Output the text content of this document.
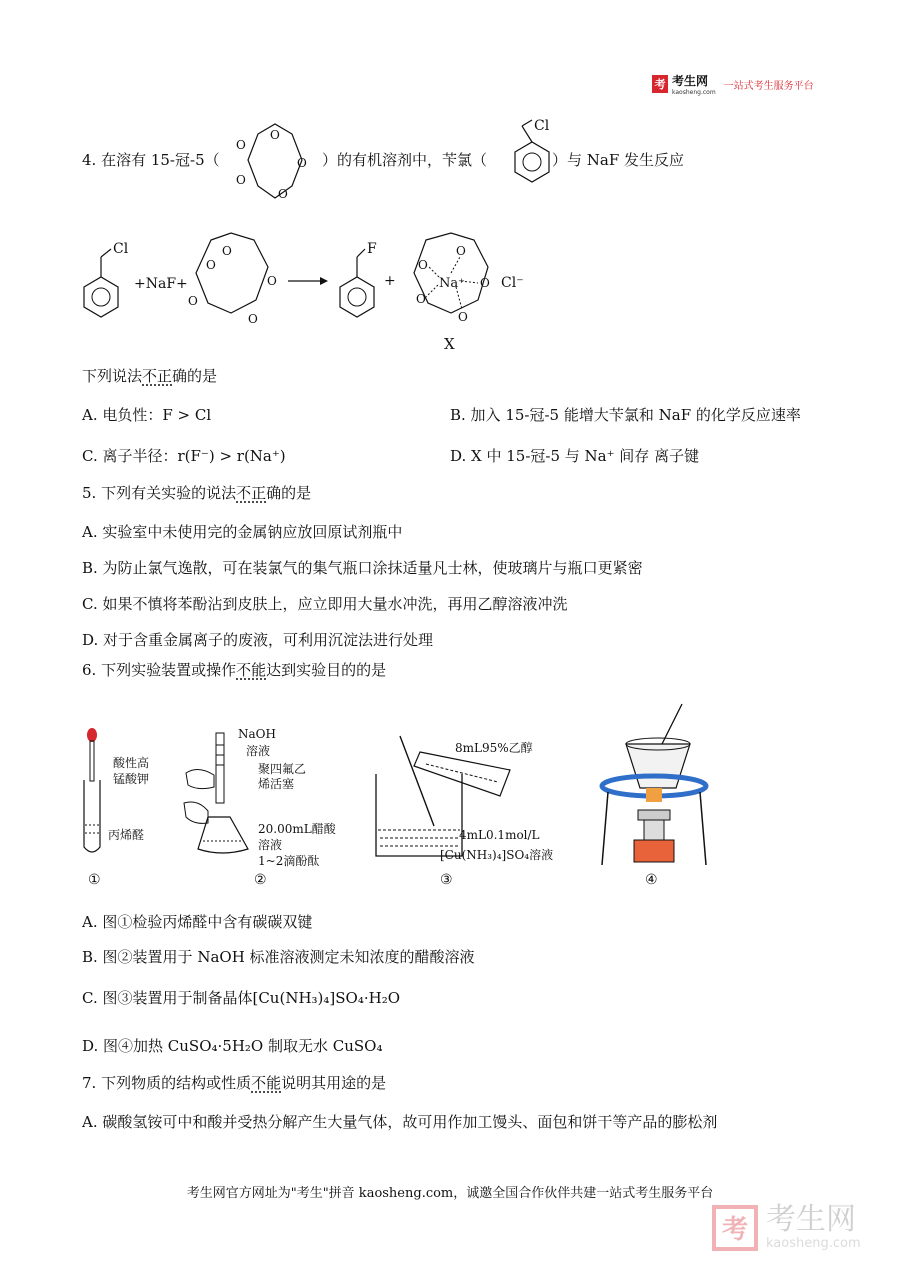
考 考生网
kaosheng.com
一站式考生服务平台
4. 在溶有 15-冠-5（
O
O
O
O
O
）的有机溶剂中，苄氯（
Cl
）与 NaF 发生反应
Cl
+NaF+
O
O
O
O
O
F
+
O
O
O
O
O
Na⁺	Cl⁻
X
下列说法不正确的是
A. 电负性：F > Cl	B. 加入 15-冠-5 能增大苄氯和 NaF 的化学反应速率
C. 离子半径：r(F⁻) > r(Na⁺)	D. X 中 15-冠-5 与 Na⁺ 间存 离子键
5. 下列有关实验的说法不正确的是
A. 实验室中未使用完的金属钠应放回原试剂瓶中
B. 为防止氯气逸散，可在装氯气的集气瓶口涂抹适量凡士林，使玻璃片与瓶口更紧密
C. 如果不慎将苯酚沾到皮肤上，应立即用大量水冲洗，再用乙醇溶液冲洗
D. 对于含重金属离子的废液，可利用沉淀法进行处理
6. 下列实验装置或操作不能达到实验目的的是
酸性高
锰酸钾
丙烯醛
①
NaOH
溶液
聚四氟乙
烯活塞
20.00mL醋酸
溶液
1~2滴酚酞
②
8mL95%乙醇
4mL0.1mol/L
[Cu(NH₃)₄]SO₄溶液
③	④
A. 图①检验丙烯醛中含有碳碳双键
B. 图②装置用于 NaOH 标准溶液测定未知浓度的醋酸溶液
C. 图③装置用于制备晶体[Cu(NH₃)₄]SO₄·H₂O
D. 图④加热 CuSO₄·5H₂O 制取无水 CuSO₄
7. 下列物质的结构或性质不能说明其用途的是
A. 碳酸氢铵可中和酸并受热分解产生大量气体，故可用作加工馒头、面包和饼干等产品的膨松剂
考生网官方网址为"考生"拼音 kaosheng.com，诚邀全国合作伙伴共建一站式考生服务平台
考 考生网
kaosheng.com
